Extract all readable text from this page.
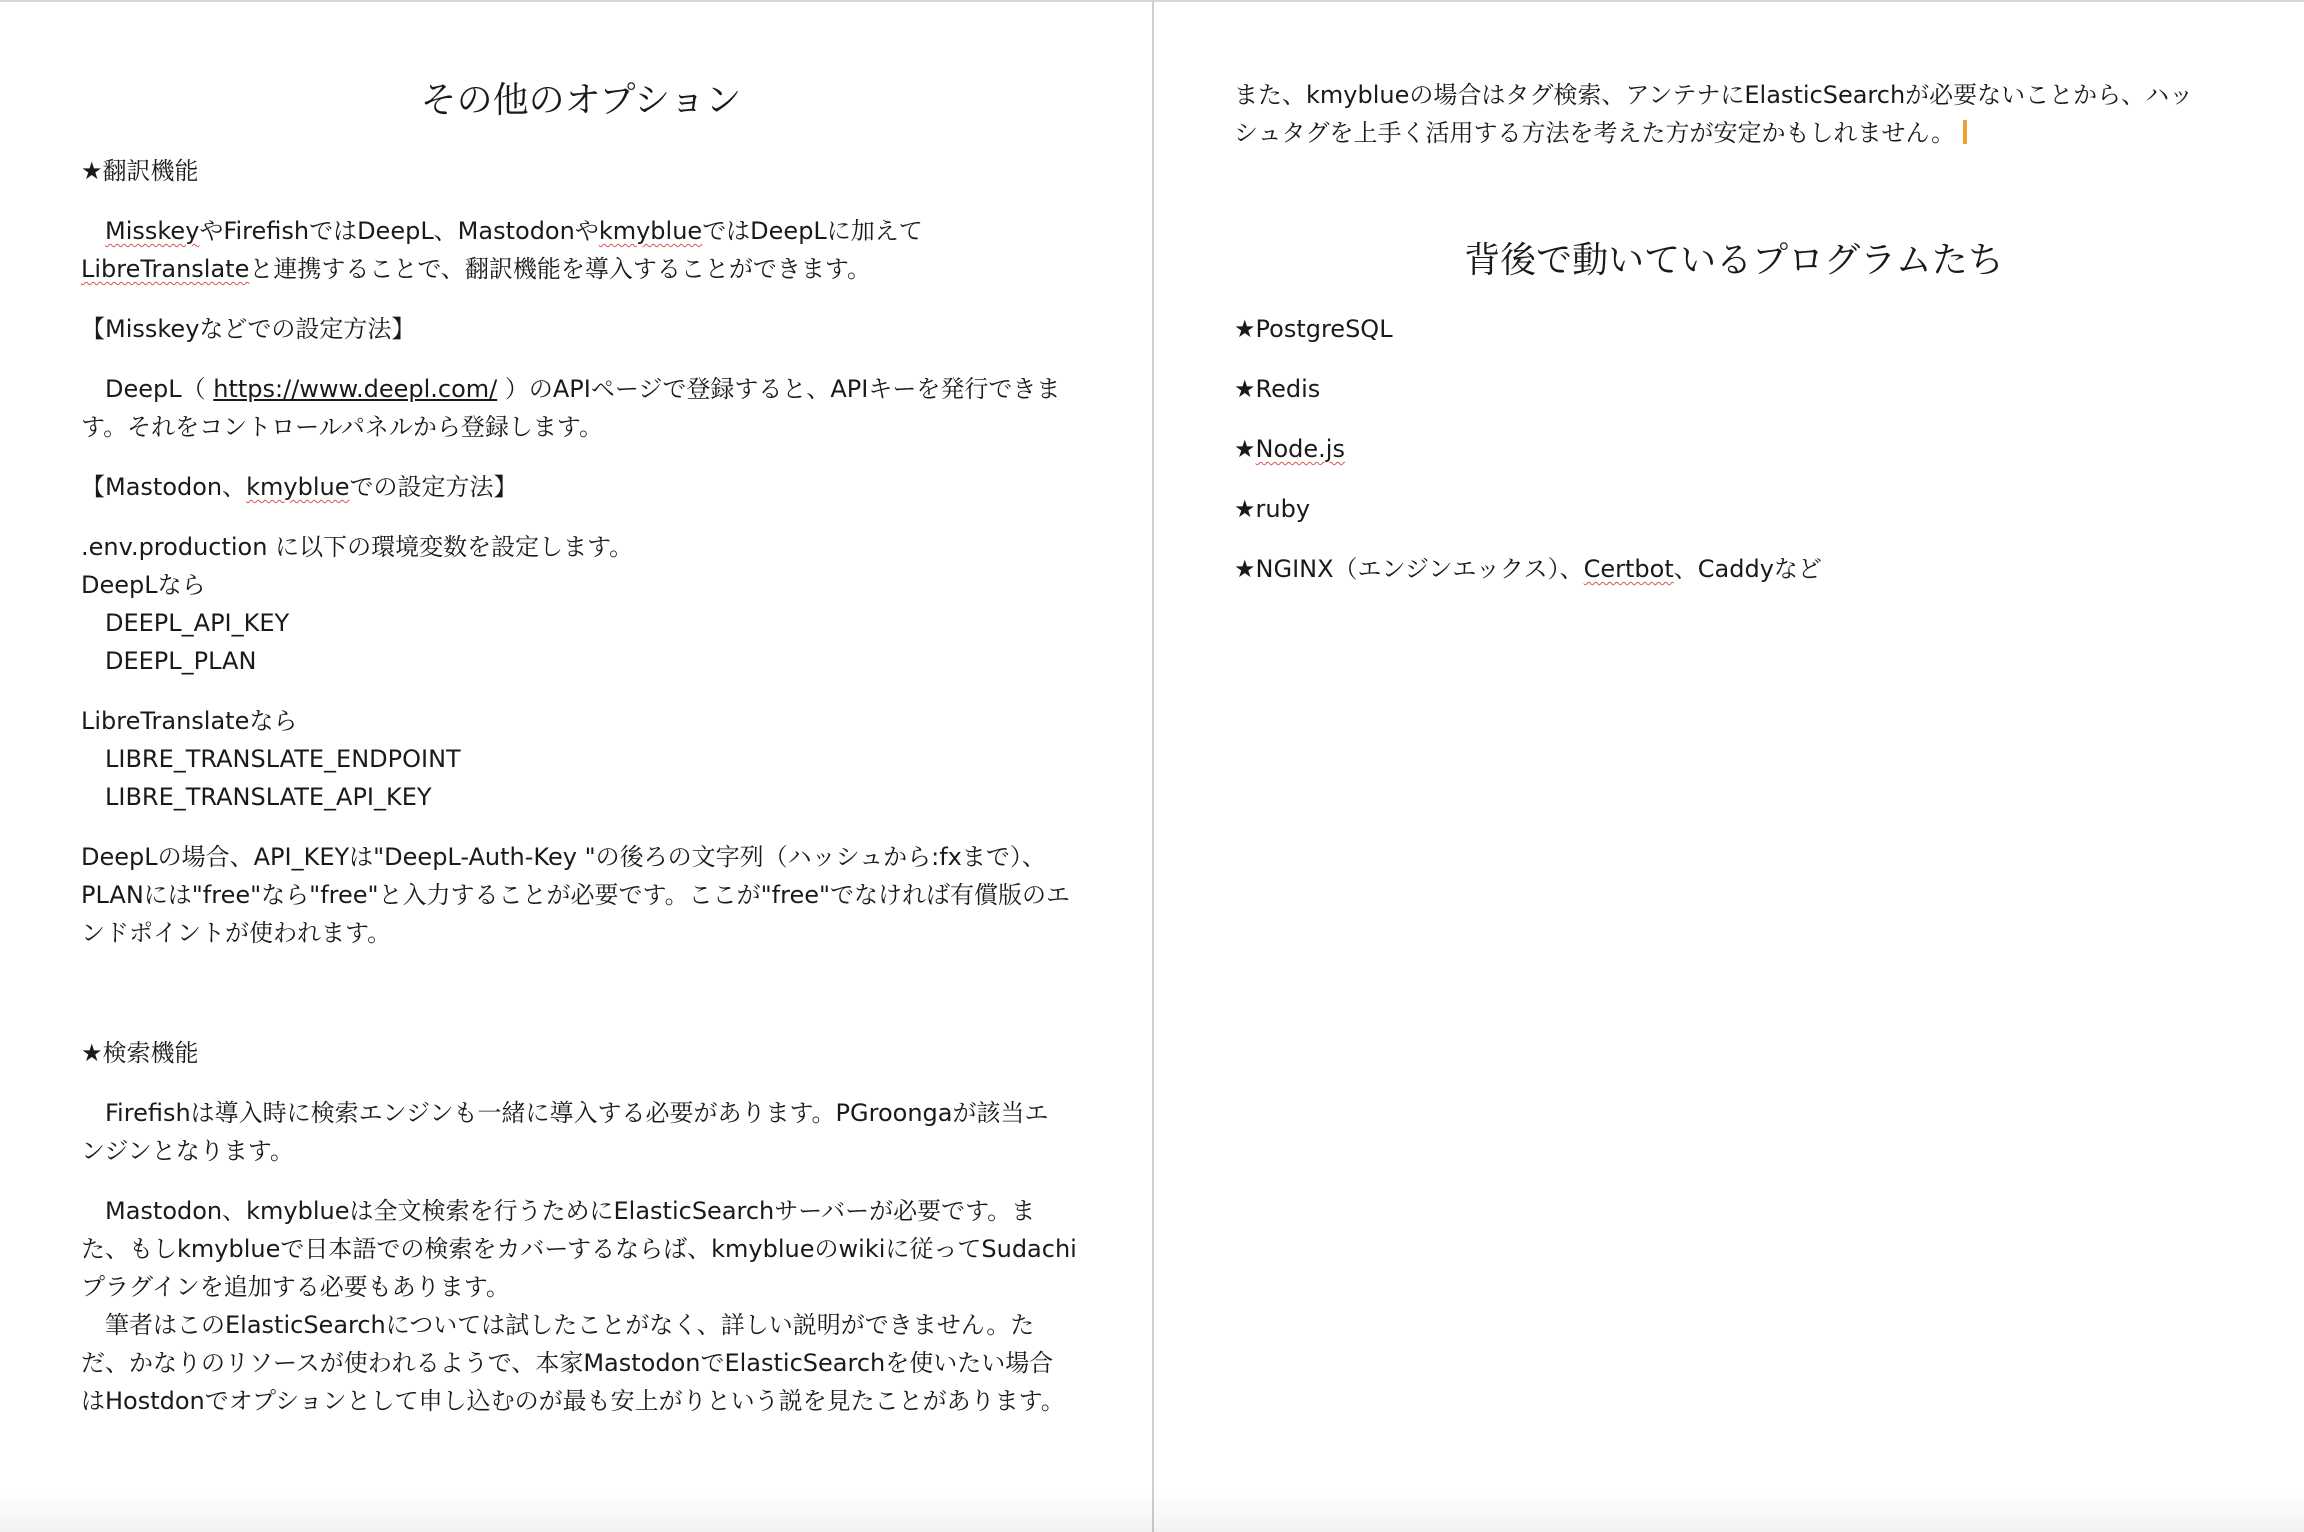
その他のオプション

★翻訳機能

　MisskeyやFirefishではDeepL、MastodonやkmyblueではDeepLに加えて

LibreTranslateと連携することで、翻訳機能を導入することができます。

【Misskeyなどでの設定方法】

　DeepL（ https://www.deepl.com/ ）のAPIページで登録すると、APIキーを発行できま

す。それをコントロールパネルから登録します。

【Mastodon、kmyblueでの設定方法】

.env.production に以下の環境変数を設定します。

DeepLなら

DEEPL_API_KEY

DEEPL_PLAN

LibreTranslateなら

LIBRE_TRANSLATE_ENDPOINT

LIBRE_TRANSLATE_API_KEY

DeepLの場合、API_KEYは"DeepL-Auth-Key "の後ろの文字列（ハッシュから:fxまで）、

PLANには"free"なら"free"と入力することが必要です。ここが"free"でなければ有償版のエ

ンドポイントが使われます。

★検索機能

　Firefishは導入時に検索エンジンも一緒に導入する必要があります。PGroongaが該当エ

ンジンとなります。

　Mastodon、kmyblueは全文検索を行うためにElasticSearchサーバーが必要です。ま

た、もしkmyblueで日本語での検索をカバーするならば、kmyblueのwikiに従ってSudachi

プラグインを追加する必要もあります。

　筆者はこのElasticSearchについては試したことがなく、詳しい説明ができません。た

だ、かなりのリソースが使われるようで、本家MastodonでElasticSearchを使いたい場合

はHostdonでオプションとして申し込むのが最も安上がりという説を見たことがあります。

また、kmyblueの場合はタグ検索、アンテナにElasticSearchが必要ないことから、ハッ

シュタグを上手く活用する方法を考えた方が安定かもしれません。

背後で動いているプログラムたち

★PostgreSQL

★Redis

★Node.js

★ruby

★NGINX（エンジンエックス）、Certbot、Caddyなど
